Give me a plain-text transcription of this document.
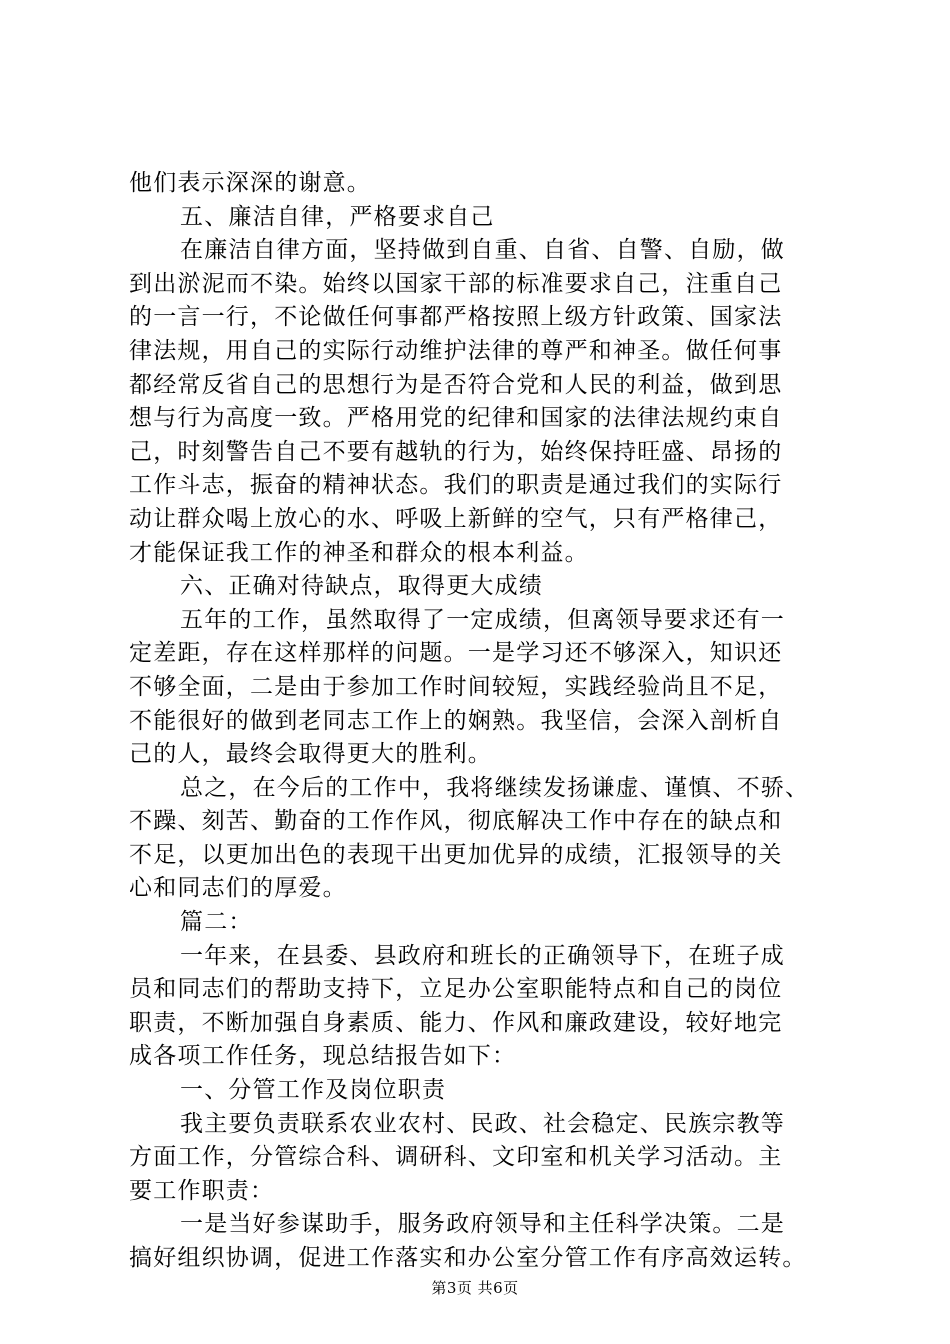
他们表示深深的谢意。
五、廉洁自律，严格要求自己
在廉洁自律方面，坚持做到自重、自省、自警、自励，做
到出淤泥而不染。始终以国家干部的标准要求自己，注重自己
的一言一行，不论做任何事都严格按照上级方针政策、国家法
律法规，用自己的实际行动维护法律的尊严和神圣。做任何事
都经常反省自己的思想行为是否符合党和人民的利益，做到思
想与行为高度一致。严格用党的纪律和国家的法律法规约束自
己，时刻警告自己不要有越轨的行为，始终保持旺盛、昂扬的
工作斗志，振奋的精神状态。我们的职责是通过我们的实际行
动让群众喝上放心的水、呼吸上新鲜的空气，只有严格律己，
才能保证我工作的神圣和群众的根本利益。
六、正确对待缺点，取得更大成绩
五年的工作，虽然取得了一定成绩，但离领导要求还有一
定差距，存在这样那样的问题。一是学习还不够深入，知识还
不够全面，二是由于参加工作时间较短，实践经验尚且不足，
不能很好的做到老同志工作上的娴熟。我坚信，会深入剖析自
己的人，最终会取得更大的胜利。
总之，在今后的工作中，我将继续发扬谦虚、谨慎、不骄、
不躁、刻苦、勤奋的工作作风，彻底解决工作中存在的缺点和
不足，以更加出色的表现干出更加优异的成绩，汇报领导的关
心和同志们的厚爱。
篇二：
一年来，在县委、县政府和班长的正确领导下，在班子成
员和同志们的帮助支持下，立足办公室职能特点和自己的岗位
职责，不断加强自身素质、能力、作风和廉政建设，较好地完
成各项工作任务，现总结报告如下：
一、分管工作及岗位职责
我主要负责联系农业农村、民政、社会稳定、民族宗教等
方面工作，分管综合科、调研科、文印室和机关学习活动。主
要工作职责：
一是当好参谋助手，服务政府领导和主任科学决策。二是
搞好组织协调，促进工作落实和办公室分管工作有序高效运转。
第3页 共6页
